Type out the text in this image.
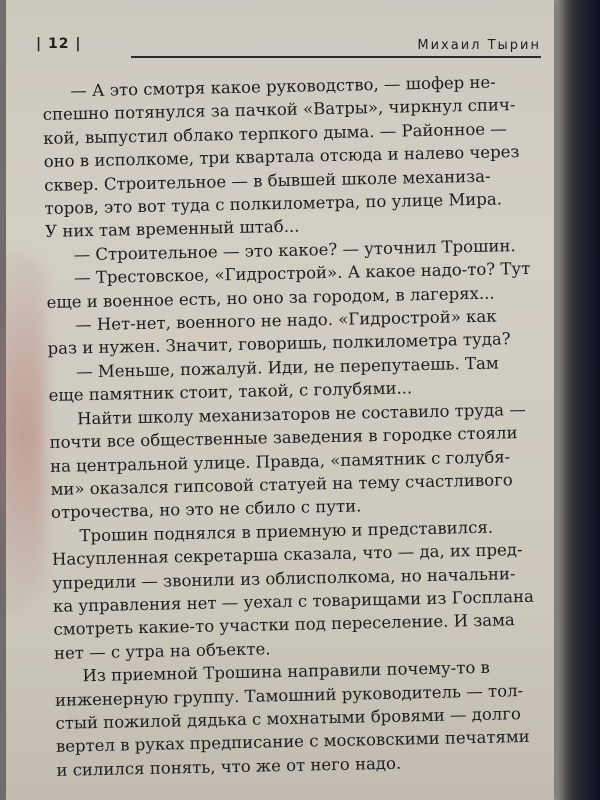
| 12 |	Михаил Тырин

— А это смотря какое руководство, — шофер не-

спешно потянулся за пачкой «Ватры», чиркнул спич-

кой, выпустил облако терпкого дыма. — Районное —

оно в исполкоме, три квартала отсюда и налево через

сквер. Строительное — в бывшей школе механиза-

торов, это вот туда с полкилометра, по улице Мира.

У них там временный штаб...

— Строительное — это какое? — уточнил Трошин.

— Трестовское, «Гидрострой». А какое надо-то? Тут

еще и военное есть, но оно за городом, в лагерях...

— Нет-нет, военного не надо. «Гидрострой» как

раз и нужен. Значит, говоришь, полкилометра туда?

— Меньше, пожалуй. Иди, не перепутаешь. Там

еще памятник стоит, такой, с голубями...

Найти школу механизаторов не составило труда —

почти все общественные заведения в городке стояли

на центральной улице. Правда, «памятник с голубя-

ми» оказался гипсовой статуей на тему счастливого

отрочества, но это не сбило с пути.

Трошин поднялся в приемную и представился.

Насупленная секретарша сказала, что — да, их пред-

упредили — звонили из облисполкома, но начальни-

ка управления нет — уехал с товарищами из Госплана

смотреть какие-то участки под переселение. И зама

нет — с утра на объекте.

Из приемной Трошина направили почему-то в

инженерную группу. Тамошний руководитель — тол-

стый пожилой дядька с мохнатыми бровями — долго

вертел в руках предписание с московскими печатями

и силился понять, что же от него надо.
